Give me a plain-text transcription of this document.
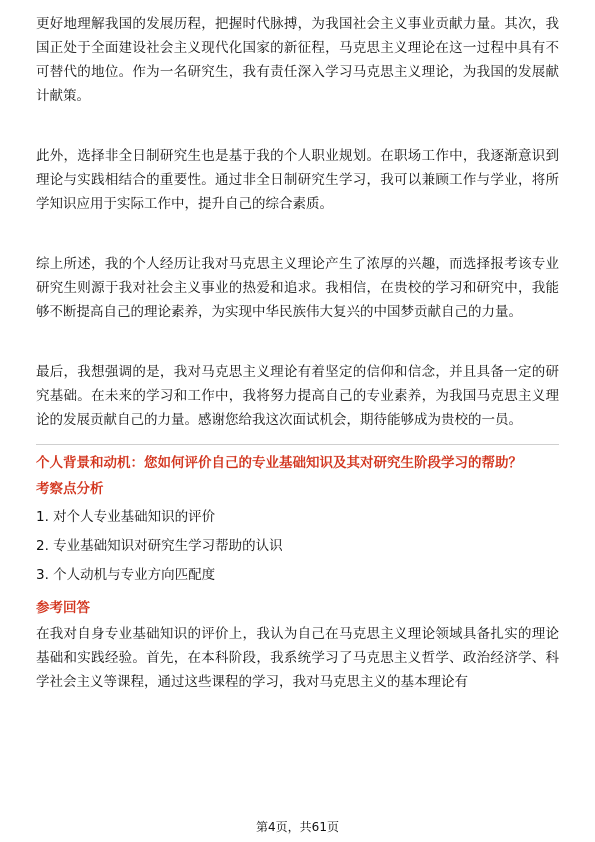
更好地理解我国的发展历程，把握时代脉搏，为我国社会主义事业贡献力量。其次，我国正处于全面建设社会主义现代化国家的新征程，马克思主义理论在这一过程中具有不可替代的地位。作为一名研究生，我有责任深入学习马克思主义理论，为我国的发展献计献策。

此外，选择非全日制研究生也是基于我的个人职业规划。在职场工作中，我逐渐意识到理论与实践相结合的重要性。通过非全日制研究生学习，我可以兼顾工作与学业，将所学知识应用于实际工作中，提升自己的综合素质。

综上所述，我的个人经历让我对马克思主义理论产生了浓厚的兴趣，而选择报考该专业研究生则源于我对社会主义事业的热爱和追求。我相信，在贵校的学习和研究中，我能够不断提高自己的理论素养，为实现中华民族伟大复兴的中国梦贡献自己的力量。

最后，我想强调的是，我对马克思主义理论有着坚定的信仰和信念，并且具备一定的研究基础。在未来的学习和工作中，我将努力提高自己的专业素养，为我国马克思主义理论的发展贡献自己的力量。感谢您给我这次面试机会，期待能够成为贵校的一员。

个人背景和动机：您如何评价自己的专业基础知识及其对研究生阶段学习的帮助？

考察点分析

1. 对个人专业基础知识的评价

2. 专业基础知识对研究生学习帮助的认识

3. 个人动机与专业方向匹配度

参考回答

在我对自身专业基础知识的评价上，我认为自己在马克思主义理论领域具备扎实的理论基础和实践经验。首先，在本科阶段，我系统学习了马克思主义哲学、政治经济学、科学社会主义等课程，通过这些课程的学习，我对马克思主义的基本理论有

第4页，共61页
